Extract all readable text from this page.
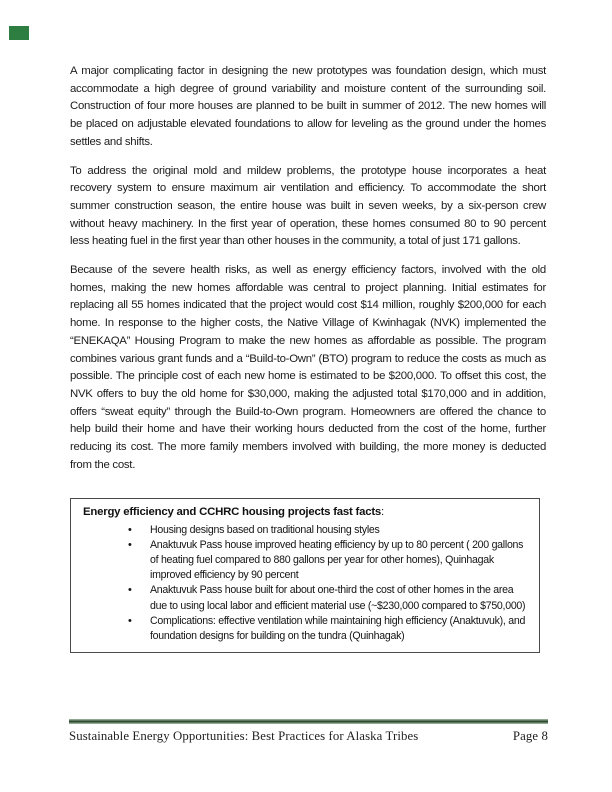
A major complicating factor in designing the new prototypes was foundation design, which must accommodate a high degree of ground variability and moisture content of the surrounding soil. Construction of four more houses are planned to be built in summer of 2012. The new homes will be placed on adjustable elevated foundations to allow for leveling as the ground under the homes settles and shifts.

To address the original mold and mildew problems, the prototype house incorporates a heat recovery system to ensure maximum air ventilation and efficiency. To accommodate the short summer construction season, the entire house was built in seven weeks, by a six-person crew without heavy machinery. In the first year of operation, these homes consumed 80 to 90 percent less heating fuel in the first year than other houses in the community, a total of just 171 gallons.

Because of the severe health risks, as well as energy efficiency factors, involved with the old homes, making the new homes affordable was central to project planning. Initial estimates for replacing all 55 homes indicated that the project would cost $14 million, roughly $200,000 for each home. In response to the higher costs, the Native Village of Kwinhagak (NVK) implemented the “ENEKAQA” Housing Program to make the new homes as affordable as possible. The program combines various grant funds and a “Build-to-Own” (BTO) program to reduce the costs as much as possible. The principle cost of each new home is estimated to be $200,000. To offset this cost, the NVK offers to buy the old home for $30,000, making the adjusted total $170,000 and in addition, offers “sweat equity” through the Build-to-Own program. Homeowners are offered the chance to help build their home and have their working hours deducted from the cost of the home, further reducing its cost. The more family members involved with building, the more money is deducted from the cost.

Energy efficiency and CCHRC housing projects fast facts:
• Housing designs based on traditional housing styles
• Anaktuvuk Pass house improved heating efficiency by up to 80 percent ( 200 gallons of heating fuel compared to 880 gallons per year for other homes), Quinhagak improved efficiency by 90 percent
• Anaktuvuk Pass house built for about one-third the cost of other homes in the area due to using local labor and efficient material use (~$230,000 compared to $750,000)
• Complications: effective ventilation while maintaining high efficiency (Anaktuvuk), and foundation designs for building on the tundra (Quinhagak)
Sustainable Energy Opportunities: Best Practices for Alaska Tribes	Page 8
